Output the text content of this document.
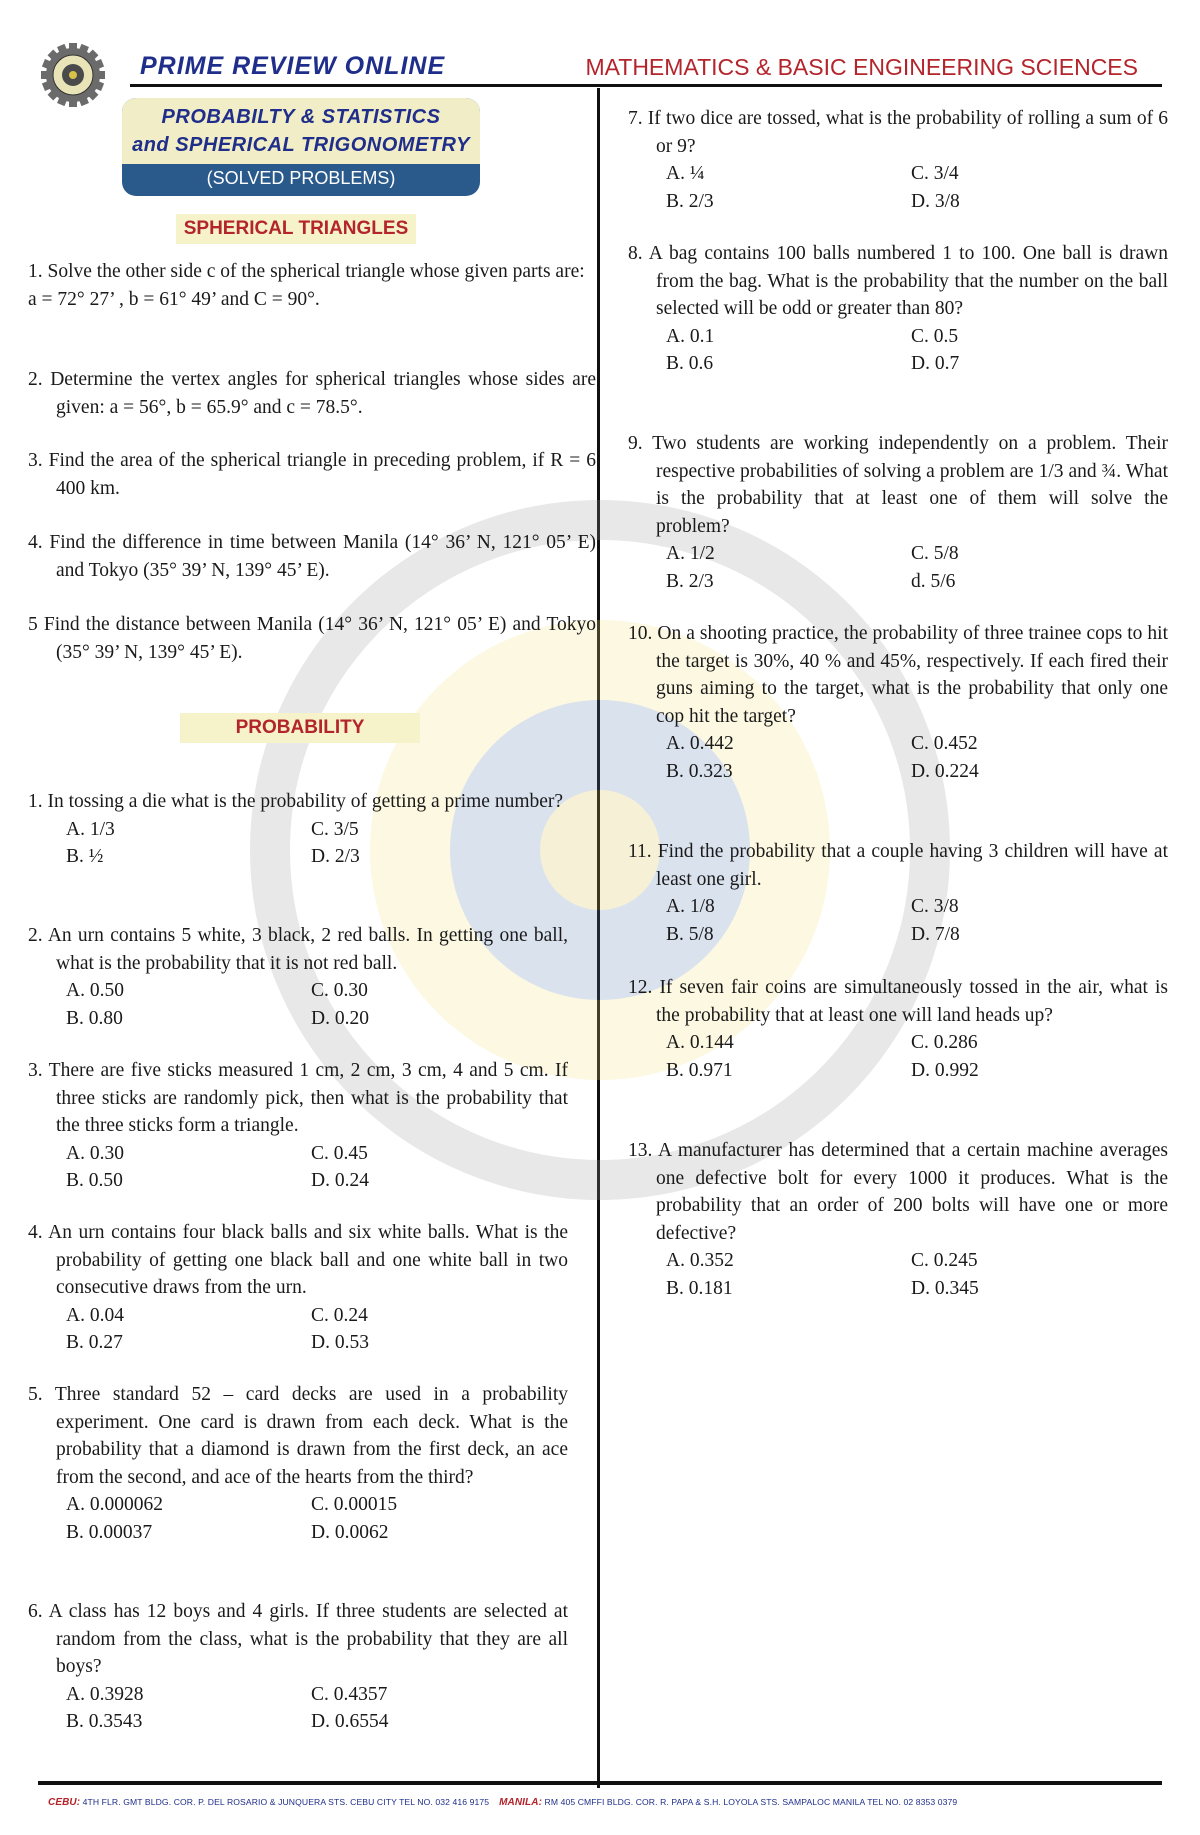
PRIME REVIEW ONLINE	MATHEMATICS & BASIC ENGINEERING SCIENCES
PROBABILTY & STATISTICS
and SPHERICAL TRIGONOMETRY
(SOLVED PROBLEMS)
SPHERICAL TRIANGLES
PROBABILITY
1. Solve the other side c of the spherical triangle whose given parts are:
a = 72° 27’ , b = 61° 49’ and C = 90°.
2. Determine the vertex angles for spherical triangles whose sides are given: a = 56°, b = 65.9° and c = 78.5°.
3. Find the area of the spherical triangle in preceding problem, if R = 6 400 km.
4. Find the difference in time between Manila (14° 36’ N, 121° 05’ E) and Tokyo (35° 39’ N, 139° 45’ E).
5 Find the distance between Manila (14° 36’ N, 121° 05’ E) and Tokyo (35° 39’ N, 139° 45’ E).
1. In tossing a die what is the probability of getting a prime number?
A. 1/3	C. 3/5
B. ½	D. 2/3
2. An urn contains 5 white, 3 black, 2 red balls. In getting one ball, what is the probability that it is not red ball.
A. 0.50	C. 0.30
B. 0.80	D. 0.20
3. There are five sticks measured 1 cm, 2 cm, 3 cm, 4 and 5 cm. If three sticks are randomly pick, then what is the probability that the three sticks form a triangle.
A. 0.30	C. 0.45
B. 0.50	D. 0.24
4. An urn contains four black balls and six white balls. What is the probability of getting one black ball and one white ball in two consecutive draws from the urn.
A. 0.04	C. 0.24
B. 0.27	D. 0.53
5. Three standard 52 – card decks are used in a probability experiment. One card is drawn from each deck. What is the probability that a diamond is drawn from the first deck, an ace from the second, and ace of the hearts from the third?
A. 0.000062	C. 0.00015
B. 0.00037	D. 0.0062
6. A class has 12 boys and 4 girls. If three students are selected at random from the class, what is the probability that they are all boys?
A. 0.3928	C. 0.4357
B. 0.3543	D. 0.6554
7. If two dice are tossed, what is the probability of rolling a sum of 6 or 9?
A. ¼	C. 3/4
B. 2/3	D. 3/8
8. A bag contains 100 balls numbered 1 to 100. One ball is drawn from the bag. What is the probability that the number on the ball selected will be odd or greater than 80?
A. 0.1	C. 0.5
B. 0.6	D. 0.7
9. Two students are working independently on a problem. Their respective probabilities of solving a problem are 1/3 and ¾. What is the probability that at least one of them will solve the problem?
A. 1/2	C. 5/8
B. 2/3	d. 5/6
10. On a shooting practice, the probability of three trainee cops to hit the target is 30%, 40 % and 45%, respectively. If each fired their guns aiming to the target, what is the probability that only one cop hit the target?
A. 0.442	C. 0.452
B. 0.323	D. 0.224
11. Find the probability that a couple having 3 children will have at least one girl.
A. 1/8	C. 3/8
B. 5/8	D. 7/8
12. If seven fair coins are simultaneously tossed in the air, what is the probability that at least one will land heads up?
A. 0.144	C. 0.286
B. 0.971	D. 0.992
13. A manufacturer has determined that a certain machine averages one defective bolt for every 1000 it produces. What is the probability that an order of 200 bolts will have one or more defective?
A. 0.352	C. 0.245
B. 0.181	D. 0.345
CEBU: 4TH FLR. GMT BLDG. COR. P. DEL ROSARIO & JUNQUERA STS. CEBU CITY TEL NO. 032 416 9175 MANILA: RM 405 CMFFI BLDG. COR. R. PAPA & S.H. LOYOLA STS. SAMPALOC MANILA TEL NO. 02 8353 0379
